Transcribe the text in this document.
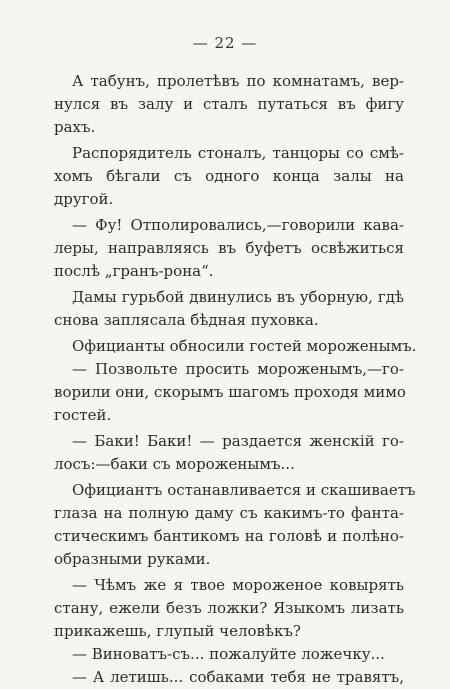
— 22 —

А табунъ, пролетѣвъ по комнатамъ, вер-
нулся въ залу и сталъ путаться въ фигу
рахъ.

Распорядитель стоналъ, танцоры со смѣ-
хомъ бѣгали съ одного конца залы на
другой.

— Фу! Отполировались,—говорили кава-
леры, направляясь въ буфетъ освѣжиться
послѣ „гранъ-рона“.

Дамы гурьбой двинулись въ уборную, гдѣ
снова заплясала бѣдная пуховка.

Официанты обносили гостей мороженымъ.
— Позвольте просить мороженымъ,—го-
ворили они, скорымъ шагомъ проходя мимо
гостей.

— Баки! Баки! — раздается женскій го-
лосъ:—баки съ мороженымъ...

Официантъ останавливается и скашиваетъ
глаза на полную даму съ какимъ-то фанта-
стическимъ бантикомъ на головѣ и полѣно-
образными руками.

— Чѣмъ же я твое мороженое ковырять
стану, ежели безъ ложки? Языкомъ лизать
прикажешь, глупый человѣкъ?
— Виноватъ-съ... пожалуйте ложечку...
— А летишь... собаками тебя не травятъ,
